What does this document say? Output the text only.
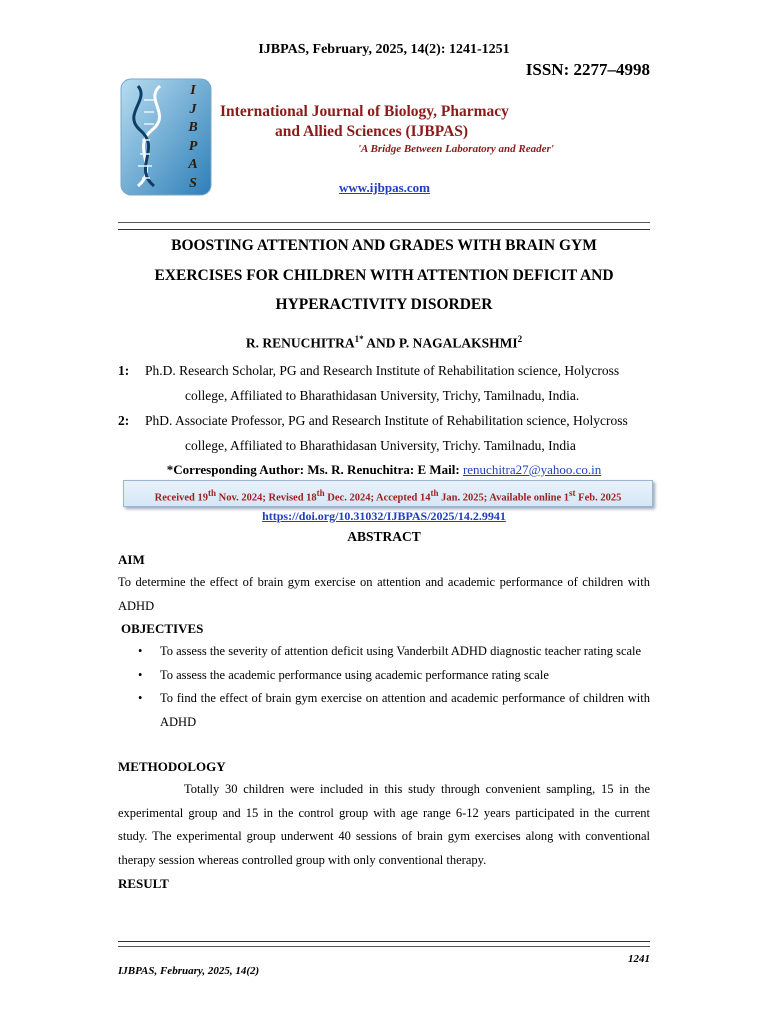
IJBPAS, February, 2025, 14(2): 1241-1251
ISSN: 2277–4998
I
J
B
P
A
S
International Journal of Biology, Pharmacy
and Allied Sciences (IJBPAS)
'A Bridge Between Laboratory and Reader'
www.ijbpas.com
BOOSTING ATTENTION AND GRADES WITH BRAIN GYM
EXERCISES FOR CHILDREN WITH ATTENTION DEFICIT AND
HYPERACTIVITY DISORDER
R. $RENUCHITRA^{1*}$ AND P. NAGALAKSHMI$^2$
1: Ph.D. Research Scholar, PG and Research Institute of Rehabilitation science, Holycross
college, Affiliated to Bharathidasan University, Trichy, Tamilnadu, India.
2: PhD. Associate Professor, PG and Research Institute of Rehabilitation science, Holycross
college, Affiliated to Bharathidasan University, Trichy. Tamilnadu, India
*Corresponding Author: Ms. R. Renuchitra: E Mail: renuchitra27@yahoo.co.in
Received 19th Nov. 2024; Revised 18th Dec. 2024; Accepted 14th Jan. 2025; Available online 1st Feb. 2025
https://doi.org/10.31032/IJBPAS/2025/14.2.9941
ABSTRACT
AIM
To determine the effect of brain gym exercise on attention and academic performance of children with ADHD
OBJECTIVES
• To assess the severity of attention deficit using Vanderbilt ADHD diagnostic teacher rating scale
• To assess the academic performance using academic performance rating scale
• To find the effect of brain gym exercise on attention and academic performance of children with ADHD
METHODOLOGY
Totally 30 children were included in this study through convenient sampling, 15 in the experimental group and 15 in the control group with age range 6-12 years participated in the current study. The experimental group underwent 40 sessions of brain gym exercises along with conventional therapy session whereas controlled group with only conventional therapy.
RESULT
1241
IJBPAS, February, 2025, 14(2)
